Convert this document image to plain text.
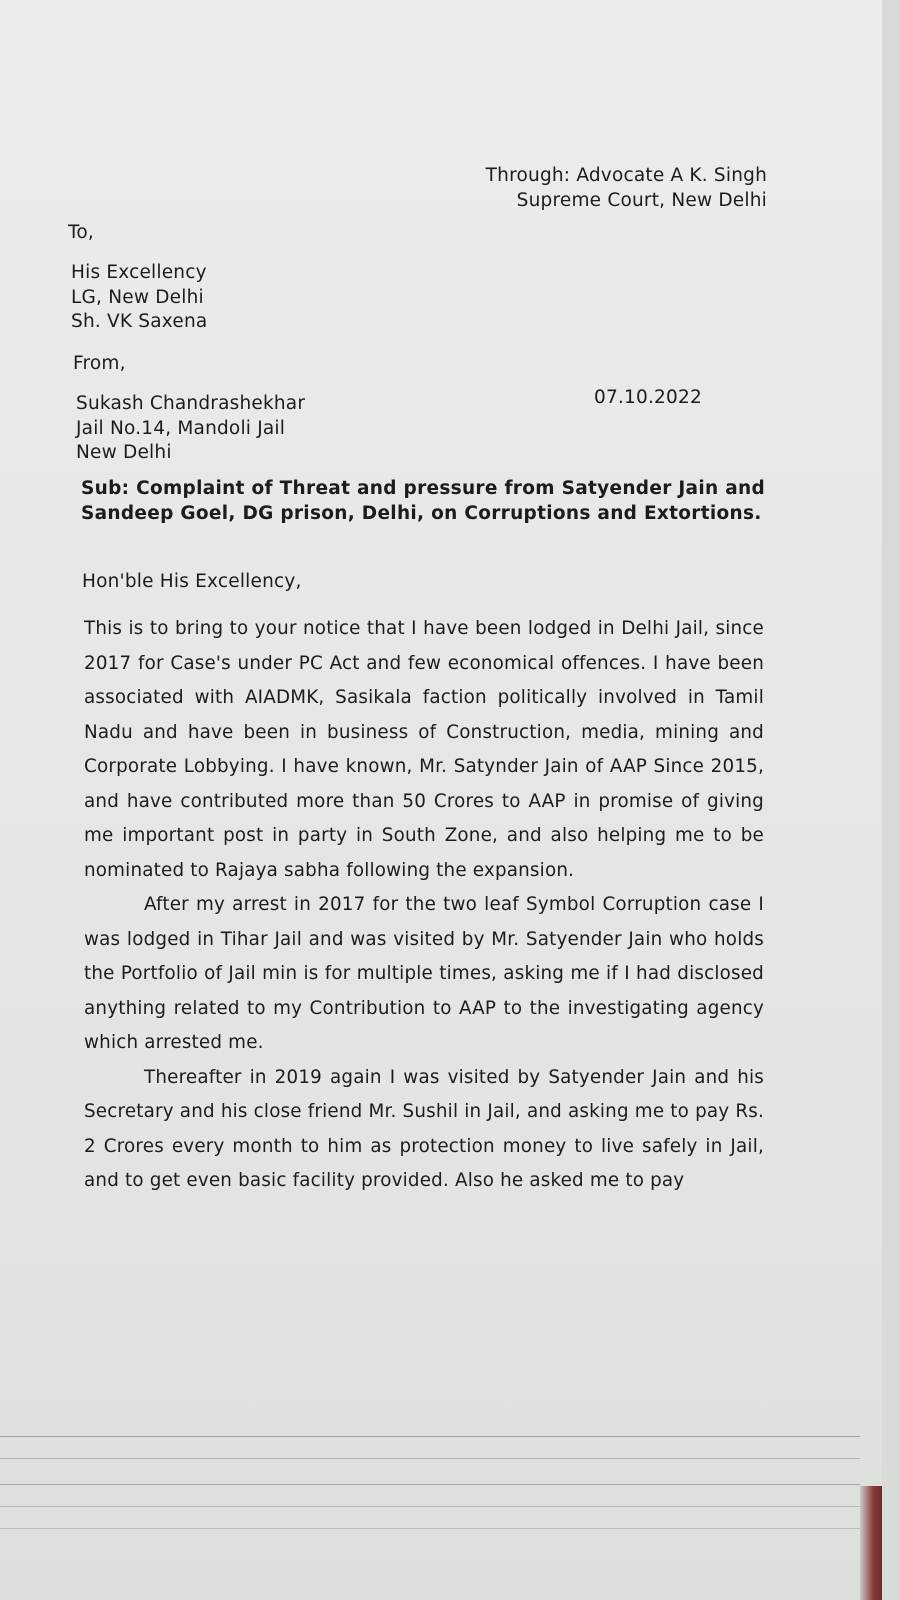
Through: Advocate A K. Singh
Supreme Court, New Delhi
To,
His Excellency
LG, New Delhi
Sh. VK Saxena
From,
Sukash Chandrashekhar
Jail No.14, Mandoli Jail
New Delhi
07.10.2022
Sub: Complaint of Threat and pressure from Satyender Jain and Sandeep Goel, DG prison, Delhi, on Corruptions and Extortions.
Hon'ble His Excellency,

This is to bring to your notice that I have been lodged in Delhi Jail, since 2017 for Case's under PC Act and few economical offences. I have been associated with AIADMK, Sasikala faction politically involved in Tamil Nadu and have been in business of Construction, media, mining and Corporate Lobbying. I have known, Mr. Satynder Jain of AAP Since 2015, and have contributed more than 50 Crores to AAP in promise of giving me important post in party in South Zone, and also helping me to be nominated to Rajaya sabha following the expansion.

After my arrest in 2017 for the two leaf Symbol Corruption case I was lodged in Tihar Jail and was visited by Mr. Satyender Jain who holds the Portfolio of Jail min is for multiple times, asking me if I had disclosed anything related to my Contribution to AAP to the investigating agency which arrested me.

Thereafter in 2019 again I was visited by Satyender Jain and his Secretary and his close friend Mr. Sushil in Jail, and asking me to pay Rs. 2 Crores every month to him as protection money to live safely in Jail, and to get even basic facility provided. Also he asked me to pay
